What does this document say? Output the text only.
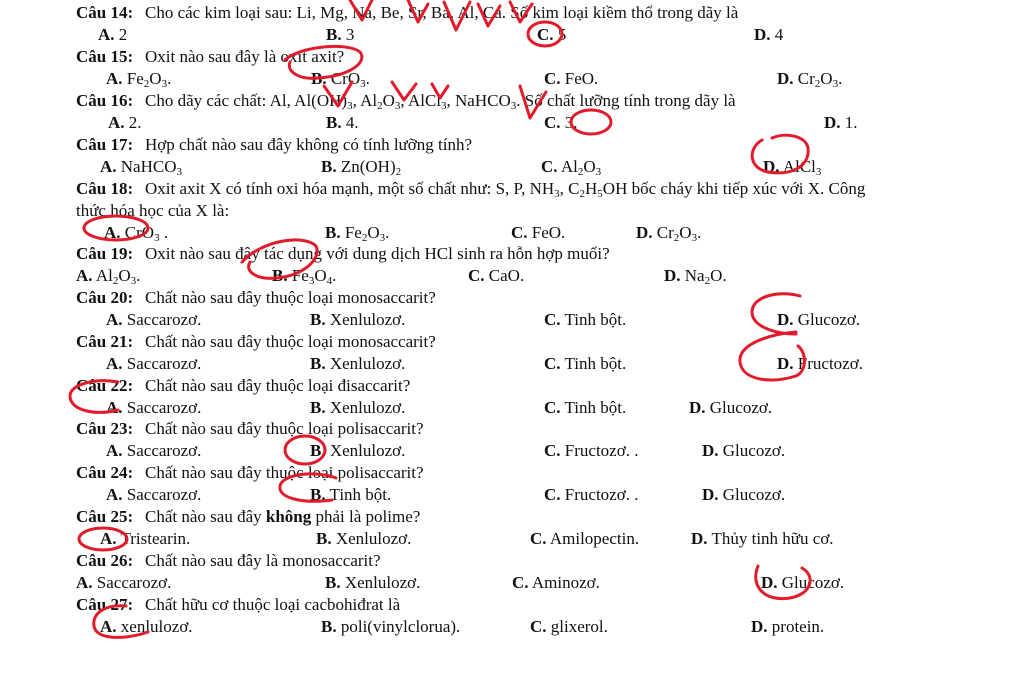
Câu 14: Cho các kim loại sau: Li, Mg, Na, Be, Sr, Ba, Al, Ca. Số kim loại kiềm thổ trong dãy là
A. 2	B. 3	C. 5	D. 4
Câu 15: Oxit nào sau đây là oxit axit?
A. $Fe_2O_3$.	B. CrO$_3$.	C. FeO.	D. $Cr_2O_3$.
Câu 16: Cho dãy các chất: Al, $Al(OH)_3$, $Al_2O_3$, AlCl$_3$, NaHCO$_3$. Số chất lưỡng tính trong dãy là
A. 2.	B. 4.	C. 3.	D. 1.
Câu 17: Hợp chất nào sau đây không có tính lưỡng tính?
A. NaHCO$_3$	B. $Zn(OH)_2$	C. $Al_2O_3$	D. AlCl$_3$
Câu 18: Oxit axit X có tính oxi hóa mạnh, một số chất như: S, P, $NH_3$, $C_2H_5OH$ bốc cháy khi tiếp xúc với X. Công
thức hóa học của X là:
A. CrO$_3$ .	B. $Fe_2O_3$.	C. FeO.	D. $Cr_2O_3$.
Câu 19: Oxit nào sau đây tác dụng với dung dịch HCl sinh ra hỗn hợp muối?
A. $Al_2O_3$.	B. $Fe_3O_4$.	C. CaO.	D. $Na_2O$.
Câu 20: Chất nào sau đây thuộc loại monosaccarit?
A. Saccarozơ.	B. Xenlulozơ.	C. Tinh bột.	D. Glucozơ.
Câu 21: Chất nào sau đây thuộc loại monosaccarit?
A. Saccarozơ.	B. Xenlulozơ.	C. Tinh bột.	D. Fructozơ.
Câu 22: Chất nào sau đây thuộc loại đisaccarit?
A. Saccarozơ.	B. Xenlulozơ.	C. Tinh bột.	D. Glucozơ.
Câu 23: Chất nào sau đây thuộc loại polisaccarit?
A. Saccarozơ.	B. Xenlulozơ.	C. Fructozơ. .	D. Glucozơ.
Câu 24: Chất nào sau đây thuộc loại polisaccarit?
A. Saccarozơ.	B. Tinh bột.	C. Fructozơ. .	D. Glucozơ.
Câu 25: Chất nào sau đây không phải là polime?
A. Tristearin.	B. Xenlulozơ.	C. Amilopectin.	D. Thủy tinh hữu cơ.
Câu 26: Chất nào sau đây là monosaccarit?
A. Saccarozơ.	B. Xenlulozơ.	C. Aminozơ.	D. Glucozơ.
Câu 27: Chất hữu cơ thuộc loại cacbohiđrat là
A. xenlulozơ.	B. poli(vinylclorua).	C. glixerol.	D. protein.
